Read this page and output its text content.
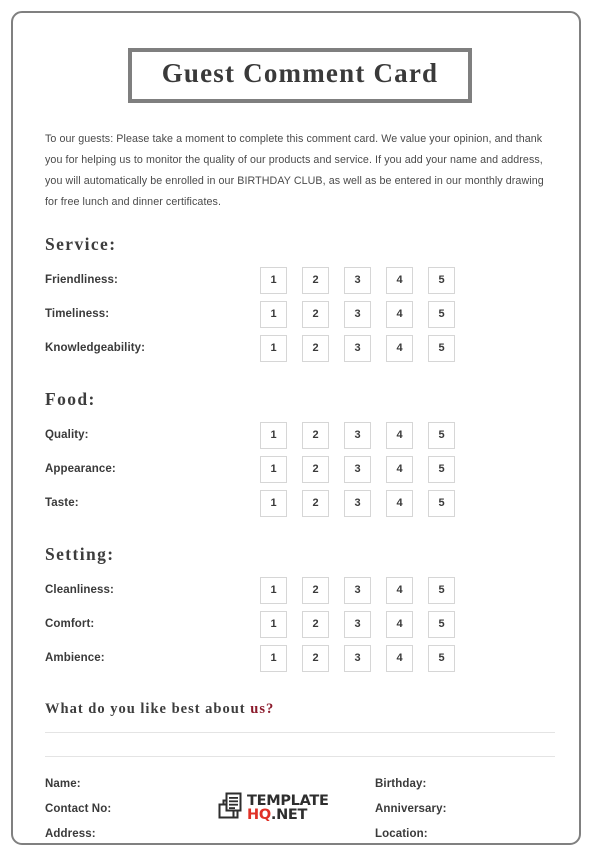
Guest Comment Card
To our guests: Please take a moment to complete this comment card. We value your opinion, and thank you for helping us to monitor the quality of our products and service. If you add your name and address, you will automatically be enrolled in our BIRTHDAY CLUB, as well as be entered in our monthly drawing for free lunch and dinner certificates.
Service:
Friendliness:	1	2	3	4	5
Timeliness:	1	2	3	4	5
Knowledgeability:	1	2	3	4	5
Food:
Quality:	1	2	3	4	5
Appearance:	1	2	3	4	5
Taste:	1	2	3	4	5
Setting:
Cleanliness:	1	2	3	4	5
Comfort:	1	2	3	4	5
Ambience:	1	2	3	4	5
What do you like best about us?
Name:
Contact No:
Address:
Birthday:
Anniversary:
Location:
TEMPLATE
HQ.NET
